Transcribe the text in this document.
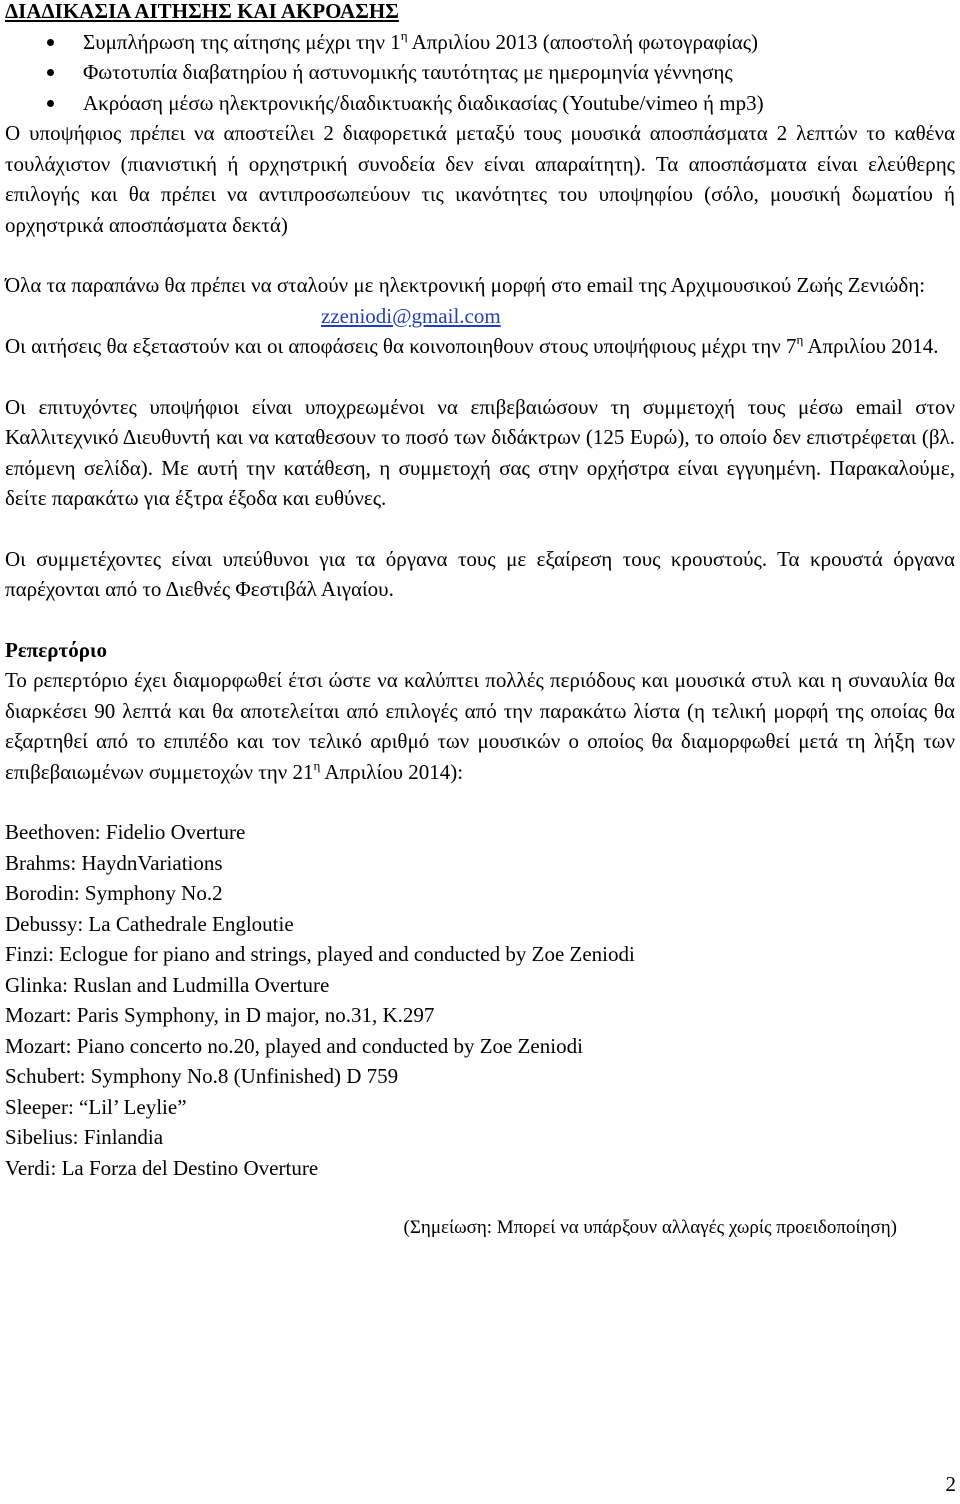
ΔΙΑΔΙΚΑΣΙΑ ΑΙΤΗΣΗΣ ΚΑΙ ΑΚΡΟΑΣΗΣ

Συμπλήρωση της αίτησης μέχρι την $1^\eta$ Απριλίου 2013 (αποστολή φωτογραφίας)
Φωτοτυπία διαβατηρίου ή αστυνομικής ταυτότητας με ημερομηνία γέννησης
Ακρόαση μέσω ηλεκτρονικής/διαδικτυακής διαδικασίας (Youtube/vimeo ή mp3)

Ο υποψήφιος πρέπει να αποστείλει 2 διαφορετικά μεταξύ τους μουσικά αποσπάσματα 2 λεπτών το καθένα τουλάχιστον (πιανιστική ή ορχηστρική συνοδεία δεν είναι απαραίτητη). Τα αποσπάσματα είναι ελεύθερης επιλογής και θα πρέπει να αντιπροσωπεύουν τις ικανότητες του υποψηφίου (σόλο, μουσική δωματίου ή ορχηστρικά αποσπάσματα δεκτά)

Όλα τα παραπάνω θα πρέπει να σταλούν με ηλεκτρονική μορφή στο email της Αρχιμουσικού Ζωής Ζενιώδη:

zzeniodi@gmail.com

Οι αιτήσεις θα εξεταστούν και οι αποφάσεις θα κοινοποιηθουν στους υποψήφιους μέχρι την $7^\eta$ Απριλίου 2014.

Οι επιτυχόντες υποψήφιοι είναι υποχρεωμένοι να επιβεβαιώσουν τη συμμετοχή τους μέσω email στον Καλλιτεχνικό Διευθυντή και να καταθεσουν το ποσό των διδάκτρων (125 Ευρώ), το οποίο δεν επιστρέφεται (βλ. επόμενη σελίδα). Με αυτή την κατάθεση, η συμμετοχή σας στην ορχήστρα είναι εγγυημένη. Παρακαλούμε, δείτε παρακάτω για έξτρα έξοδα και ευθύνες.

Οι συμμετέχοντες είναι υπεύθυνοι για τα όργανα τους με εξαίρεση τους κρουστούς. Τα κρουστά όργανα παρέχονται από το Διεθνές Φεστιβάλ Αιγαίου.

Ρεπερτόριο

Το ρεπερτόριο έχει διαμορφωθεί έτσι ώστε να καλύπτει πολλές περιόδους και μουσικά στυλ και η συναυλία θα διαρκέσει 90 λεπτά και θα αποτελείται από επιλογές από την παρακάτω λίστα (η τελική μορφή της οποίας θα εξαρτηθεί από το επιπέδο και τον τελικό αριθμό των μουσικών ο οποίος θα διαμορφωθεί μετά τη λήξη των επιβεβαιωμένων συμμετοχών την $21^\eta$ Απριλίου 2014):

Beethoven: Fidelio Overture
Brahms: HaydnVariations
Borodin: Symphony No.2
Debussy: La Cathedrale Engloutie
Finzi: Eclogue for piano and strings, played and conducted by Zoe Zeniodi
Glinka: Ruslan and Ludmilla Overture
Mozart: Paris Symphony, in D major, no.31, K.297
Mozart: Piano concerto no.20, played and conducted by Zoe Zeniodi
Schubert: Symphony No.8 (Unfinished) D 759
Sleeper: “Lil’ Leylie”
Sibelius: Finlandia
Verdi: La Forza del Destino Overture

(Σημείωση: Μπορεί να υπάρξουν αλλαγές χωρίς προειδοποίηση)

2
